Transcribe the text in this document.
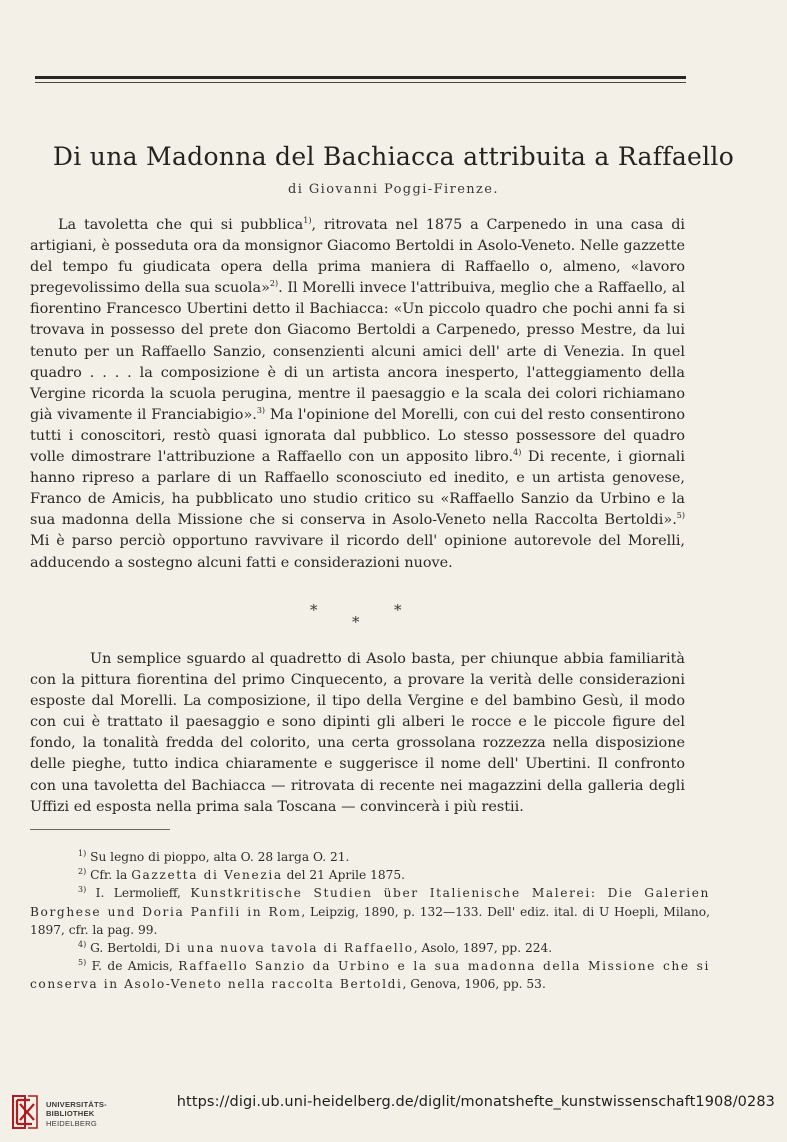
Di una Madonna del Bachiacca attribuita a Raffaello
di Giovanni Poggi-Firenze.

La tavoletta che qui si pubblica$^{1)}$, ritrovata nel 1875 a Carpenedo in una casa di artigiani, è posseduta ora da monsignor Giacomo Bertoldi in Asolo-Veneto. Nelle gazzette del tempo fu giudicata opera della prima maniera di Raffaello o, almeno, «lavoro pregevolissimo della sua scuola»$^{2)}$. Il Morelli invece l'attribuiva, meglio che a Raffaello, al fiorentino Francesco Ubertini detto il Bachiacca: «Un piccolo quadro che pochi anni fa si trovava in possesso del prete don Giacomo Bertoldi a Carpenedo, presso Mestre, da lui tenuto per un Raffaello Sanzio, consenzienti alcuni amici dell' arte di Venezia. In quel quadro . . . . la composizione è di un artista ancora inesperto, l'atteggiamento della Vergine ricorda la scuola perugina, mentre il paesaggio e la scala dei colori richiamano già vivamente il Franciabigio».$^{3)}$ Ma l'opinione del Morelli, con cui del resto consentirono tutti i conoscitori, restò quasi ignorata dal pubblico. Lo stesso possessore del quadro volle dimostrare l'attribuzione a Raffaello con un apposito libro.$^{4)}$ Di recente, i giornali hanno ripreso a parlare di un Raffaello sconosciuto ed inedito, e un artista genovese, Franco de Amicis, ha pubblicato uno studio critico su «Raffaello Sanzio da Urbino e la sua madonna della Missione che si conserva in Asolo-Veneto nella Raccolta Bertoldi».$^{5)}$ Mi è parso perciò opportuno ravvivare il ricordo dell' opinione autorevole del Morelli, adducendo a sostegno alcuni fatti e considerazioni nuove.

*
*
*

Un semplice sguardo al quadretto di Asolo basta, per chiunque abbia familiarità con la pittura fiorentina del primo Cinquecento, a provare la verità delle considerazioni esposte dal Morelli. La composizione, il tipo della Vergine e del bambino Gesù, il modo con cui è trattato il paesaggio e sono dipinti gli alberi le rocce e le piccole figure del fondo, la tonalità fredda del colorito, una certa grossolana rozzezza nella disposizione delle pieghe, tutto indica chiaramente e suggerisce il nome dell' Ubertini. Il confronto con una tavoletta del Bachiacca — ritrovata di recente nei magazzini della galleria degli Uffizi ed esposta nella prima sala Toscana — convincerà i più restii.

$^{1)}$ Su legno di pioppo, alta O. 28 larga O. 21.

$^{2)}$ Cfr. la Gazzetta di Venezia del 21 Aprile 1875.

$^{3)}$ I. Lermolieff, Kunstkritische Studien über Italienische Malerei: Die Galerien Borghese und Doria Panfili in Rom, Leipzig, 1890, p. 132—133. Dell' ediz. ital. di U Hoepli, Milano, 1897, cfr. la pag. 99.

$^{4)}$ G. Bertoldi, Di una nuova tavola di Raffaello, Asolo, 1897, pp. 224.

$^{5)}$ F. de Amicis, Raffaello Sanzio da Urbino e la sua madonna della Missione che si conserva in Asolo-Veneto nella raccolta Bertoldi, Genova, 1906, pp. 53.

UNIVERSITÄTS-
BIBLIOTHEK
HEIDELBERG
https://digi.ub.uni-heidelberg.de/diglit/monatshefte_kunstwissenschaft1908/0283
